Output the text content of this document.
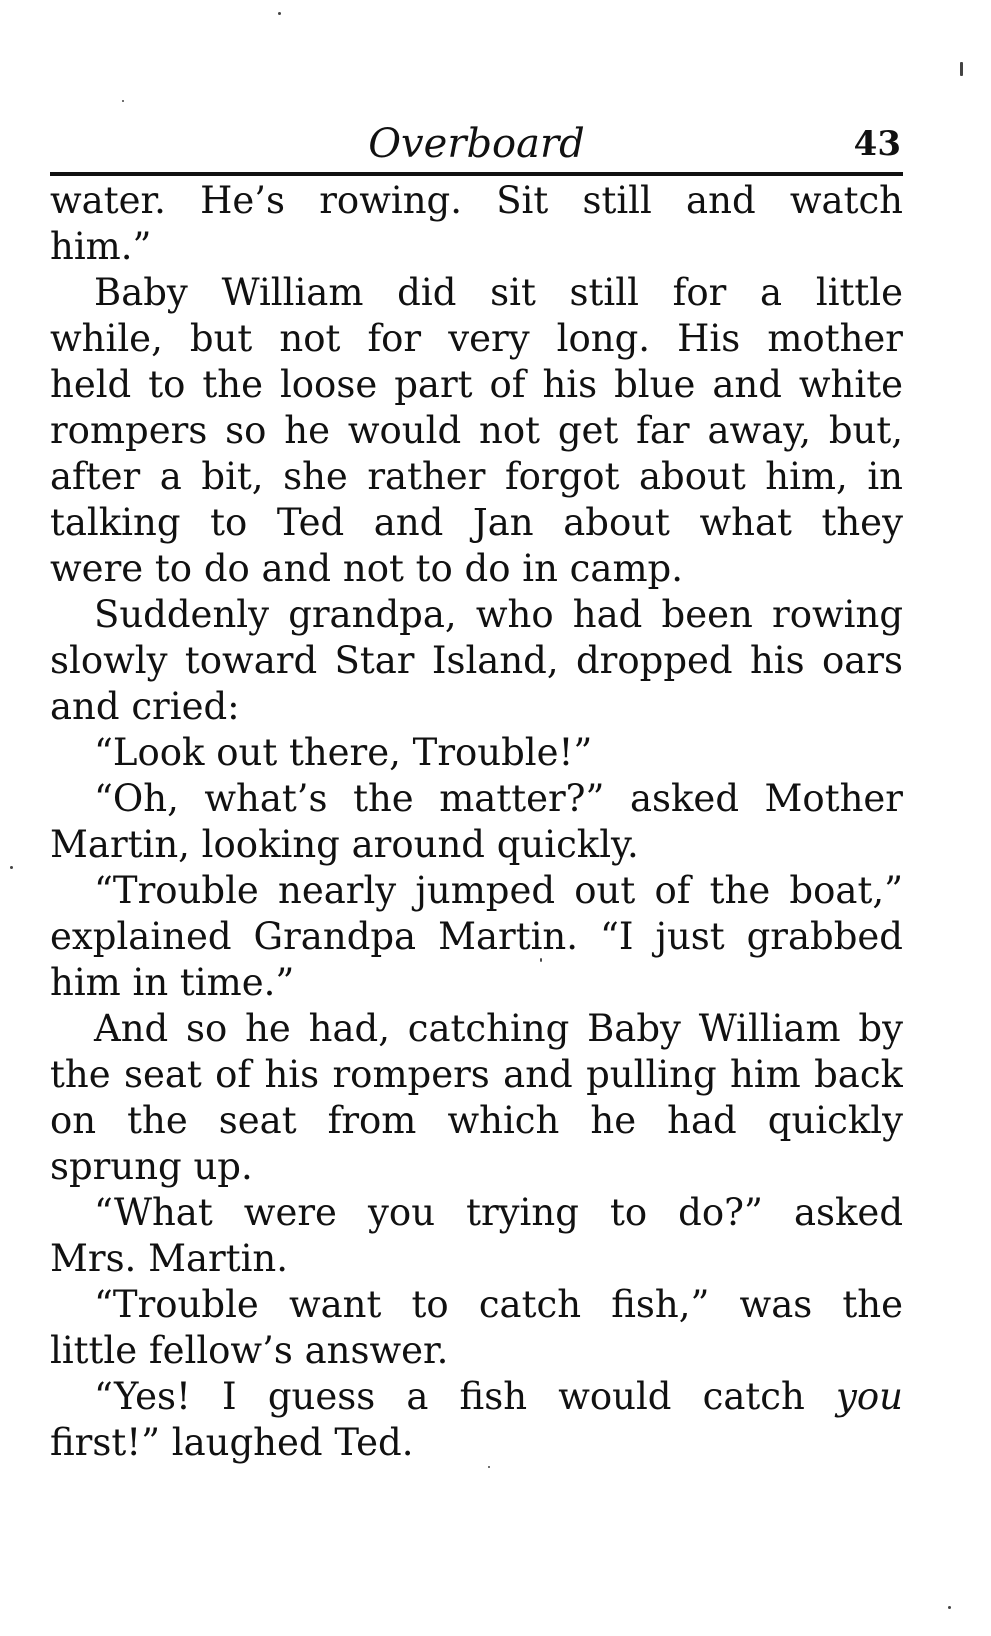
Overboard	43
water. He’s rowing. Sit still and watch
him.”
Baby William did sit still for a little
while, but not for very long. His mother
held to the loose part of his blue and white
rompers so he would not get far away, but,
after a bit, she rather forgot about him, in
talking to Ted and Jan about what they
were to do and not to do in camp.
Suddenly grandpa, who had been rowing
slowly toward Star Island, dropped his oars
and cried:
“Look out there, Trouble!”
“Oh, what’s the matter?” asked Mother
Martin, looking around quickly.
“Trouble nearly jumped out of the boat,”
explained Grandpa Martin. “I just grabbed
him in time.”
And so he had, catching Baby William by
the seat of his rompers and pulling him back
on the seat from which he had quickly
sprung up.
“What were you trying to do?” asked
Mrs. Martin.
“Trouble want to catch fish,” was the
little fellow’s answer.
“Yes! I guess a fish would catch you
first!” laughed Ted.
